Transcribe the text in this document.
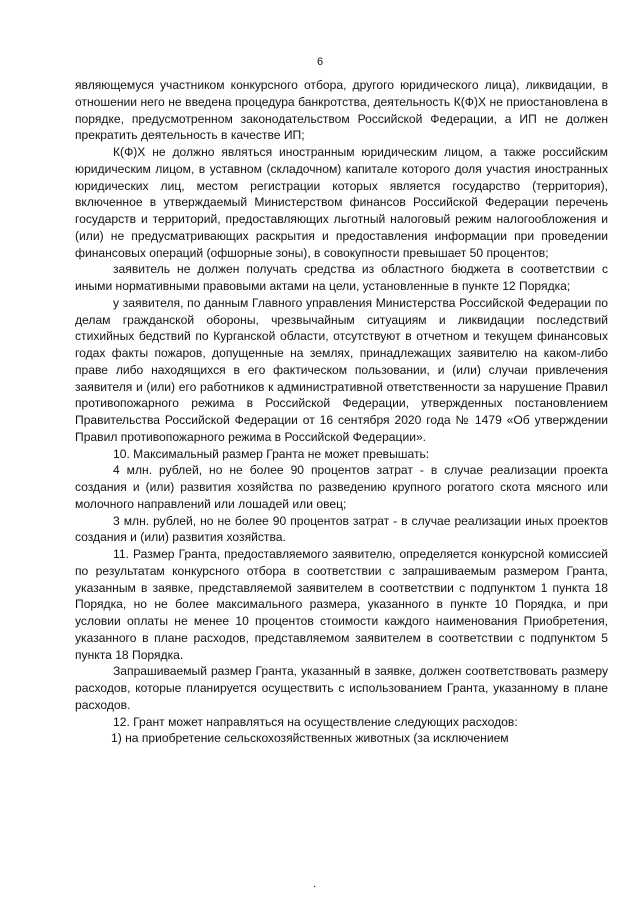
6

являющемуся участником конкурсного отбора, другого юридического лица), ликвидации, в отношении него не введена процедура банкротства, деятельность К(Ф)Х не приостановлена в порядке, предусмотренном законодательством Российской Федерации, а ИП не должен прекратить деятельность в качестве ИП;

К(Ф)Х не должно являться иностранным юридическим лицом, а также российским юридическим лицом, в уставном (складочном) капитале которого доля участия иностранных юридических лиц, местом регистрации которых является государство (территория), включенное в утверждаемый Министерством финансов Российской Федерации перечень государств и территорий, предоставляющих льготный налоговый режим налогообложения и (или) не предусматривающих раскрытия и предоставления информации при проведении финансовых операций (офшорные зоны), в совокупности превышает 50 процентов;

заявитель не должен получать средства из областного бюджета в соответствии с иными нормативными правовыми актами на цели, установленные в пункте 12 Порядка;

у заявителя, по данным Главного управления Министерства Российской Федерации по делам гражданской обороны, чрезвычайным ситуациям и ликвидации последствий стихийных бедствий по Курганской области, отсутствуют в отчетном и текущем финансовых годах факты пожаров, допущенные на землях, принадлежащих заявителю на каком-либо праве либо находящихся в его фактическом пользовании, и (или) случаи привлечения заявителя и (или) его работников к административной ответственности за нарушение Правил противопожарного режима в Российской Федерации, утвержденных постановлением Правительства Российской Федерации от 16 сентября 2020 года № 1479 «Об утверждении Правил противопожарного режима в Российской Федерации».

10. Максимальный размер Гранта не может превышать:

4 млн. рублей, но не более 90 процентов затрат - в случае реализации проекта создания и (или) развития хозяйства по разведению крупного рогатого скота мясного или молочного направлений или лошадей или овец;

3 млн. рублей, но не более 90 процентов затрат - в случае реализации иных проектов создания и (или) развития хозяйства.

11. Размер Гранта, предоставляемого заявителю, определяется конкурсной комиссией по результатам конкурсного отбора в соответствии с запрашиваемым размером Гранта, указанным в заявке, представляемой заявителем в соответствии с подпунктом 1 пункта 18 Порядка, но не более максимального размера, указанного в пункте 10 Порядка, и при условии оплаты не менее 10 процентов стоимости каждого наименования Приобретения, указанного в плане расходов, представляемом заявителем в соответствии с подпунктом 5 пункта 18 Порядка.

Запрашиваемый размер Гранта, указанный в заявке, должен соответствовать размеру расходов, которые планируется осуществить с использованием Гранта, указанному в плане расходов.

12. Грант может направляться на осуществление следующих расходов:

1) на приобретение сельскохозяйственных животных (за исключением

.
